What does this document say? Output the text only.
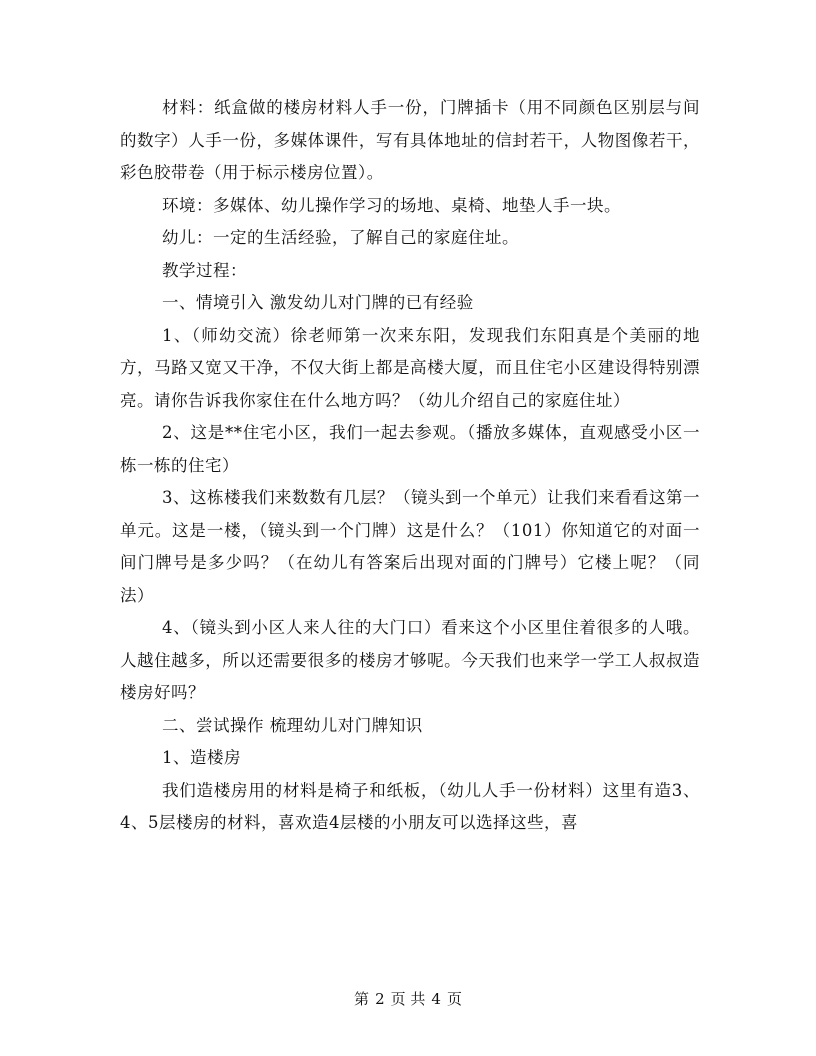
材料：纸盒做的楼房材料人手一份，门牌插卡（用不同颜色区别层与间的数字）人手一份，多媒体课件，写有具体地址的信封若干，人物图像若干，彩色胶带卷（用于标示楼房位置）。

环境：多媒体、幼儿操作学习的场地、桌椅、地垫人手一块。

幼儿：一定的生活经验，了解自己的家庭住址。

教学过程：

一、情境引入 激发幼儿对门牌的已有经验

1、（师幼交流）徐老师第一次来东阳，发现我们东阳真是个美丽的地方，马路又宽又干净，不仅大街上都是高楼大厦，而且住宅小区建设得特别漂亮。请你告诉我你家住在什么地方吗？（幼儿介绍自己的家庭住址）

2、这是**住宅小区，我们一起去参观。（播放多媒体，直观感受小区一栋一栋的住宅）

3、这栋楼我们来数数有几层？（镜头到一个单元）让我们来看看这第一单元。这是一楼，（镜头到一个门牌）这是什么？（101）你知道它的对面一间门牌号是多少吗？（在幼儿有答案后出现对面的门牌号）它楼上呢？（同法）

4、（镜头到小区人来人往的大门口）看来这个小区里住着很多的人哦。人越住越多，所以还需要很多的楼房才够呢。今天我们也来学一学工人叔叔造楼房好吗？

二、尝试操作 梳理幼儿对门牌知识

1、造楼房

我们造楼房用的材料是椅子和纸板，（幼儿人手一份材料）这里有造3、4、5层楼房的材料，喜欢造4层楼的小朋友可以选择这些，喜

第 2 页 共 4 页
